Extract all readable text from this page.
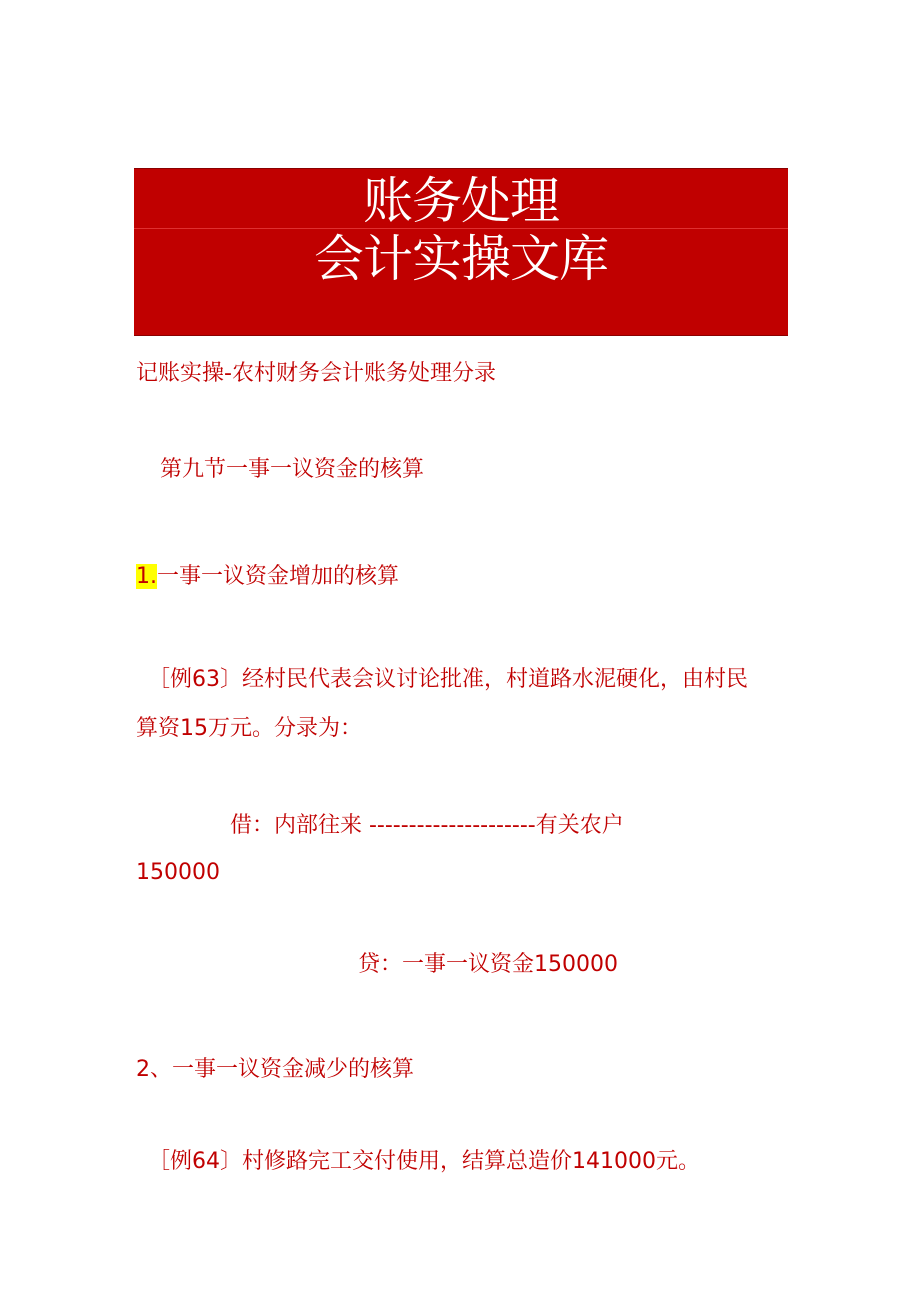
账务处理
会计实操文库
记账实操-农村财务会计账务处理分录
第九节一事一议资金的核算
1.一事一议资金增加的核算
［例63〕经村民代表会议讨论批准，村道路水泥硬化，由村民
算资15万元。分录为：
借：内部往来 ---------------------有关农户
150000
贷：一事一议资金150000
2、一事一议资金减少的核算
［例64〕村修路完工交付使用，结算总造价141000元。
